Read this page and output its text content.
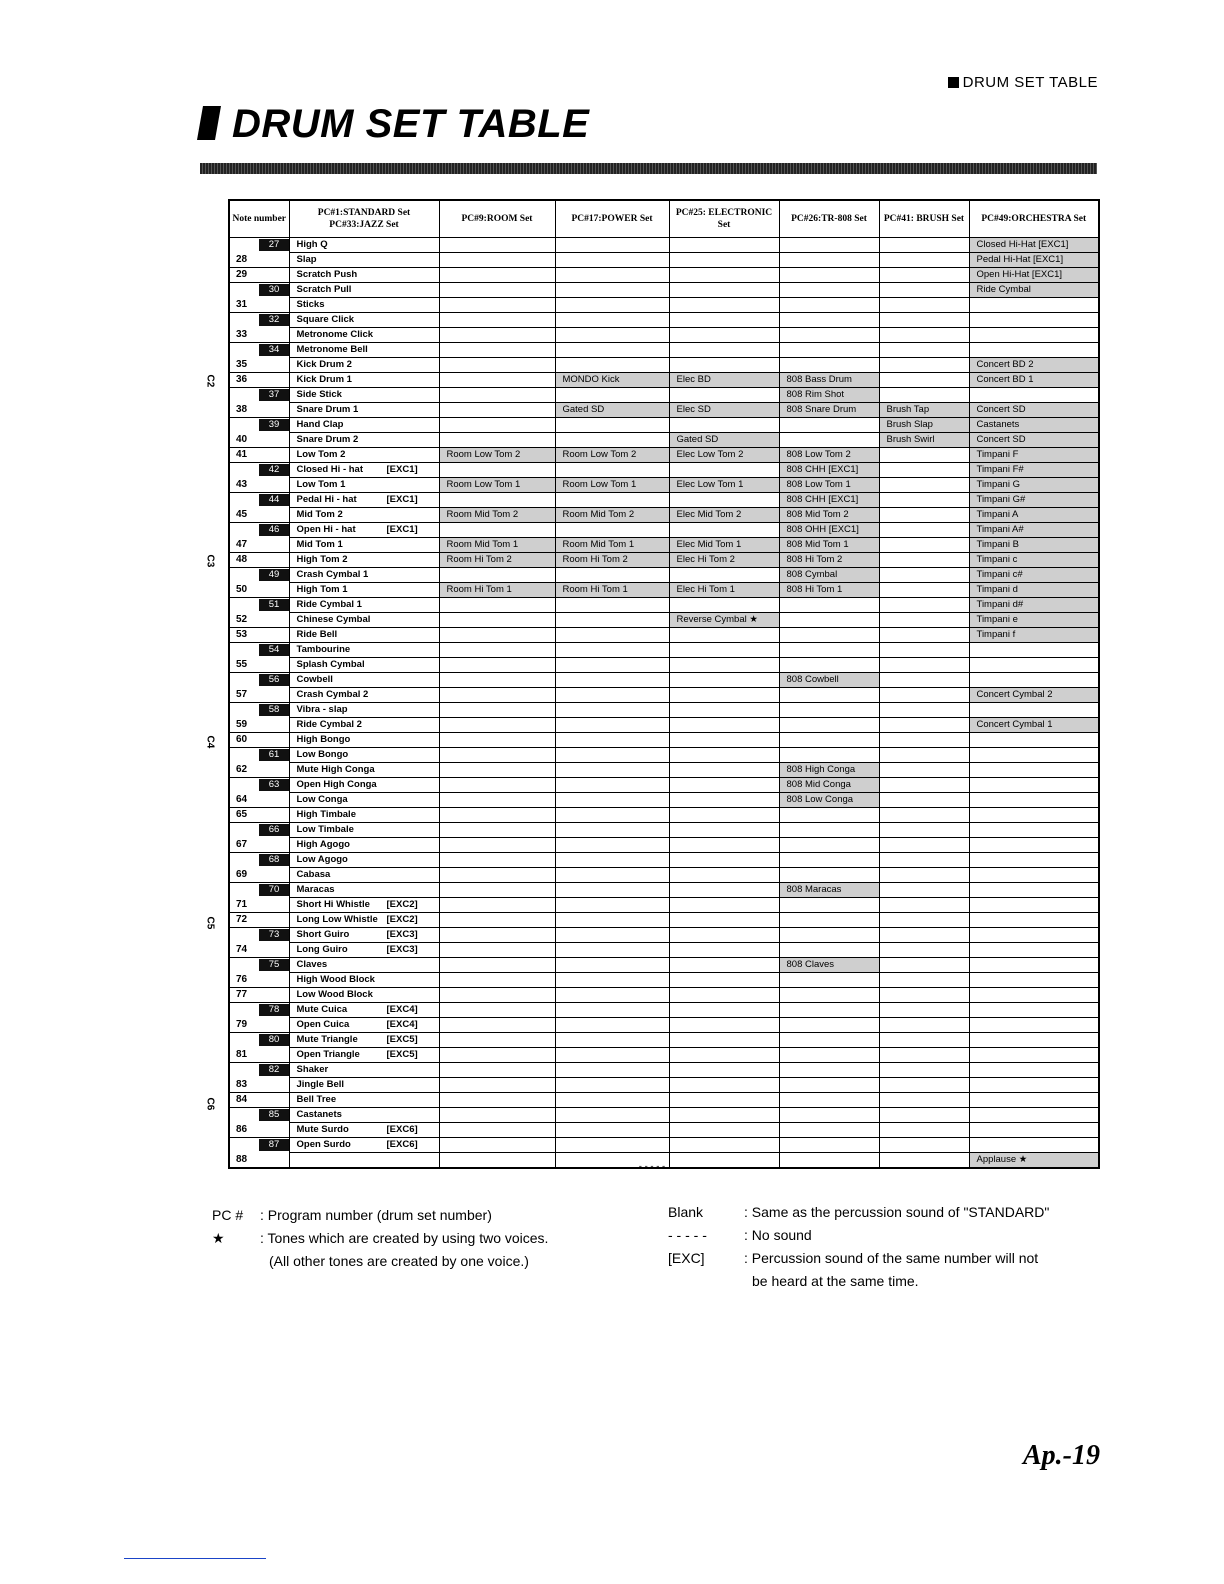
DRUM SET TABLE
DRUM SET TABLE
Note number	PC#1:STANDARD Set PC#33:JAZZ Set	PC#9:ROOM Set	PC#17:POWER Set	PC#25: ELECTRONIC Set	PC#26:TR-808 Set	PC#41: BRUSH Set	PC#49:ORCHESTRA Set

27	High Q						Closed Hi-Hat [EXC1]

28	Slap						Pedal Hi-Hat [EXC1]

29	Scratch Push						Open Hi-Hat [EXC1]

30	Scratch Pull						Ride Cymbal

31	Sticks						

32	Square Click						

33	Metronome Click						

34	Metronome Bell						

35	Kick Drum 2						Concert BD 2

36	Kick Drum 1		MONDO Kick	Elec BD	808 Bass Drum		Concert BD 1

37	Side Stick				808 Rim Shot		

38	Snare Drum 1		Gated SD	Elec SD	808 Snare Drum	Brush Tap	Concert SD

39	Hand Clap					Brush Slap	Castanets

40	Snare Drum 2			Gated SD		Brush Swirl	Concert SD

41	Low Tom 2	Room Low Tom 2	Room Low Tom 2	Elec Low Tom 2	808 Low Tom 2		Timpani F

42	Closed Hi - hat [EXC1]				808 CHH [EXC1]		Timpani F#

43	Low Tom 1	Room Low Tom 1	Room Low Tom 1	Elec Low Tom 1	808 Low Tom 1		Timpani G

44	Pedal Hi - hat [EXC1]				808 CHH [EXC1]		Timpani G#

45	Mid Tom 2	Room Mid Tom 2	Room Mid Tom 2	Elec Mid Tom 2	808 Mid Tom 2		Timpani A

46	Open Hi - hat [EXC1]				808 OHH [EXC1]		Timpani A#

47	Mid Tom 1	Room Mid Tom 1	Room Mid Tom 1	Elec Mid Tom 1	808 Mid Tom 1		Timpani B

48	High Tom 2	Room Hi Tom 2	Room Hi Tom 2	Elec Hi Tom 2	808 Hi Tom 2		Timpani c

49	Crash Cymbal 1				808 Cymbal		Timpani c#

50	High Tom 1	Room Hi Tom 1	Room Hi Tom 1	Elec Hi Tom 1	808 Hi Tom 1		Timpani d

51	Ride Cymbal 1						Timpani d#

52	Chinese Cymbal			Reverse Cymbal ★			Timpani e

53	Ride Bell						Timpani f

54	Tambourine						

55	Splash Cymbal						

56	Cowbell				808 Cowbell		

57	Crash Cymbal 2						Concert Cymbal 2

58	Vibra - slap						

59	Ride Cymbal 2						Concert Cymbal 1

60	High Bongo						

61	Low Bongo						

62	Mute High Conga				808 High Conga		

63	Open High Conga				808 Mid Conga		

64	Low Conga				808 Low Conga		

65	High Timbale						

66	Low Timbale						

67	High Agogo						

68	Low Agogo						

69	Cabasa						

70	Maracas				808 Maracas		

71	Short Hi Whistle [EXC2]						

72	Long Low Whistle [EXC2]						

73	Short Guiro [EXC3]						

74	Long Guiro [EXC3]						

75	Claves				808 Claves		

76	High Wood Block						

77	Low Wood Block						

78	Mute Cuica [EXC4]						

79	Open Cuica [EXC4]						

80	Mute Triangle [EXC5]						

81	Open Triangle [EXC5]						

82	Shaker						

83	Jingle Bell						

84	Bell Tree						

85	Castanets						

86	Mute Surdo [EXC6]						

87	Open Surdo [EXC6]						

88			- - - - -				Applause ★
C2
C3
C4
C5
C6
PC # : Program number (drum set number)
★	: Tones which are created by using two voices.
(All other tones are created by one voice.)
Blank	: Same as the percussion sound of "STANDARD"
- - - - -	: No sound
[EXC]	: Percussion sound of the same number will not
be heard at the same time.
Ap.-19
